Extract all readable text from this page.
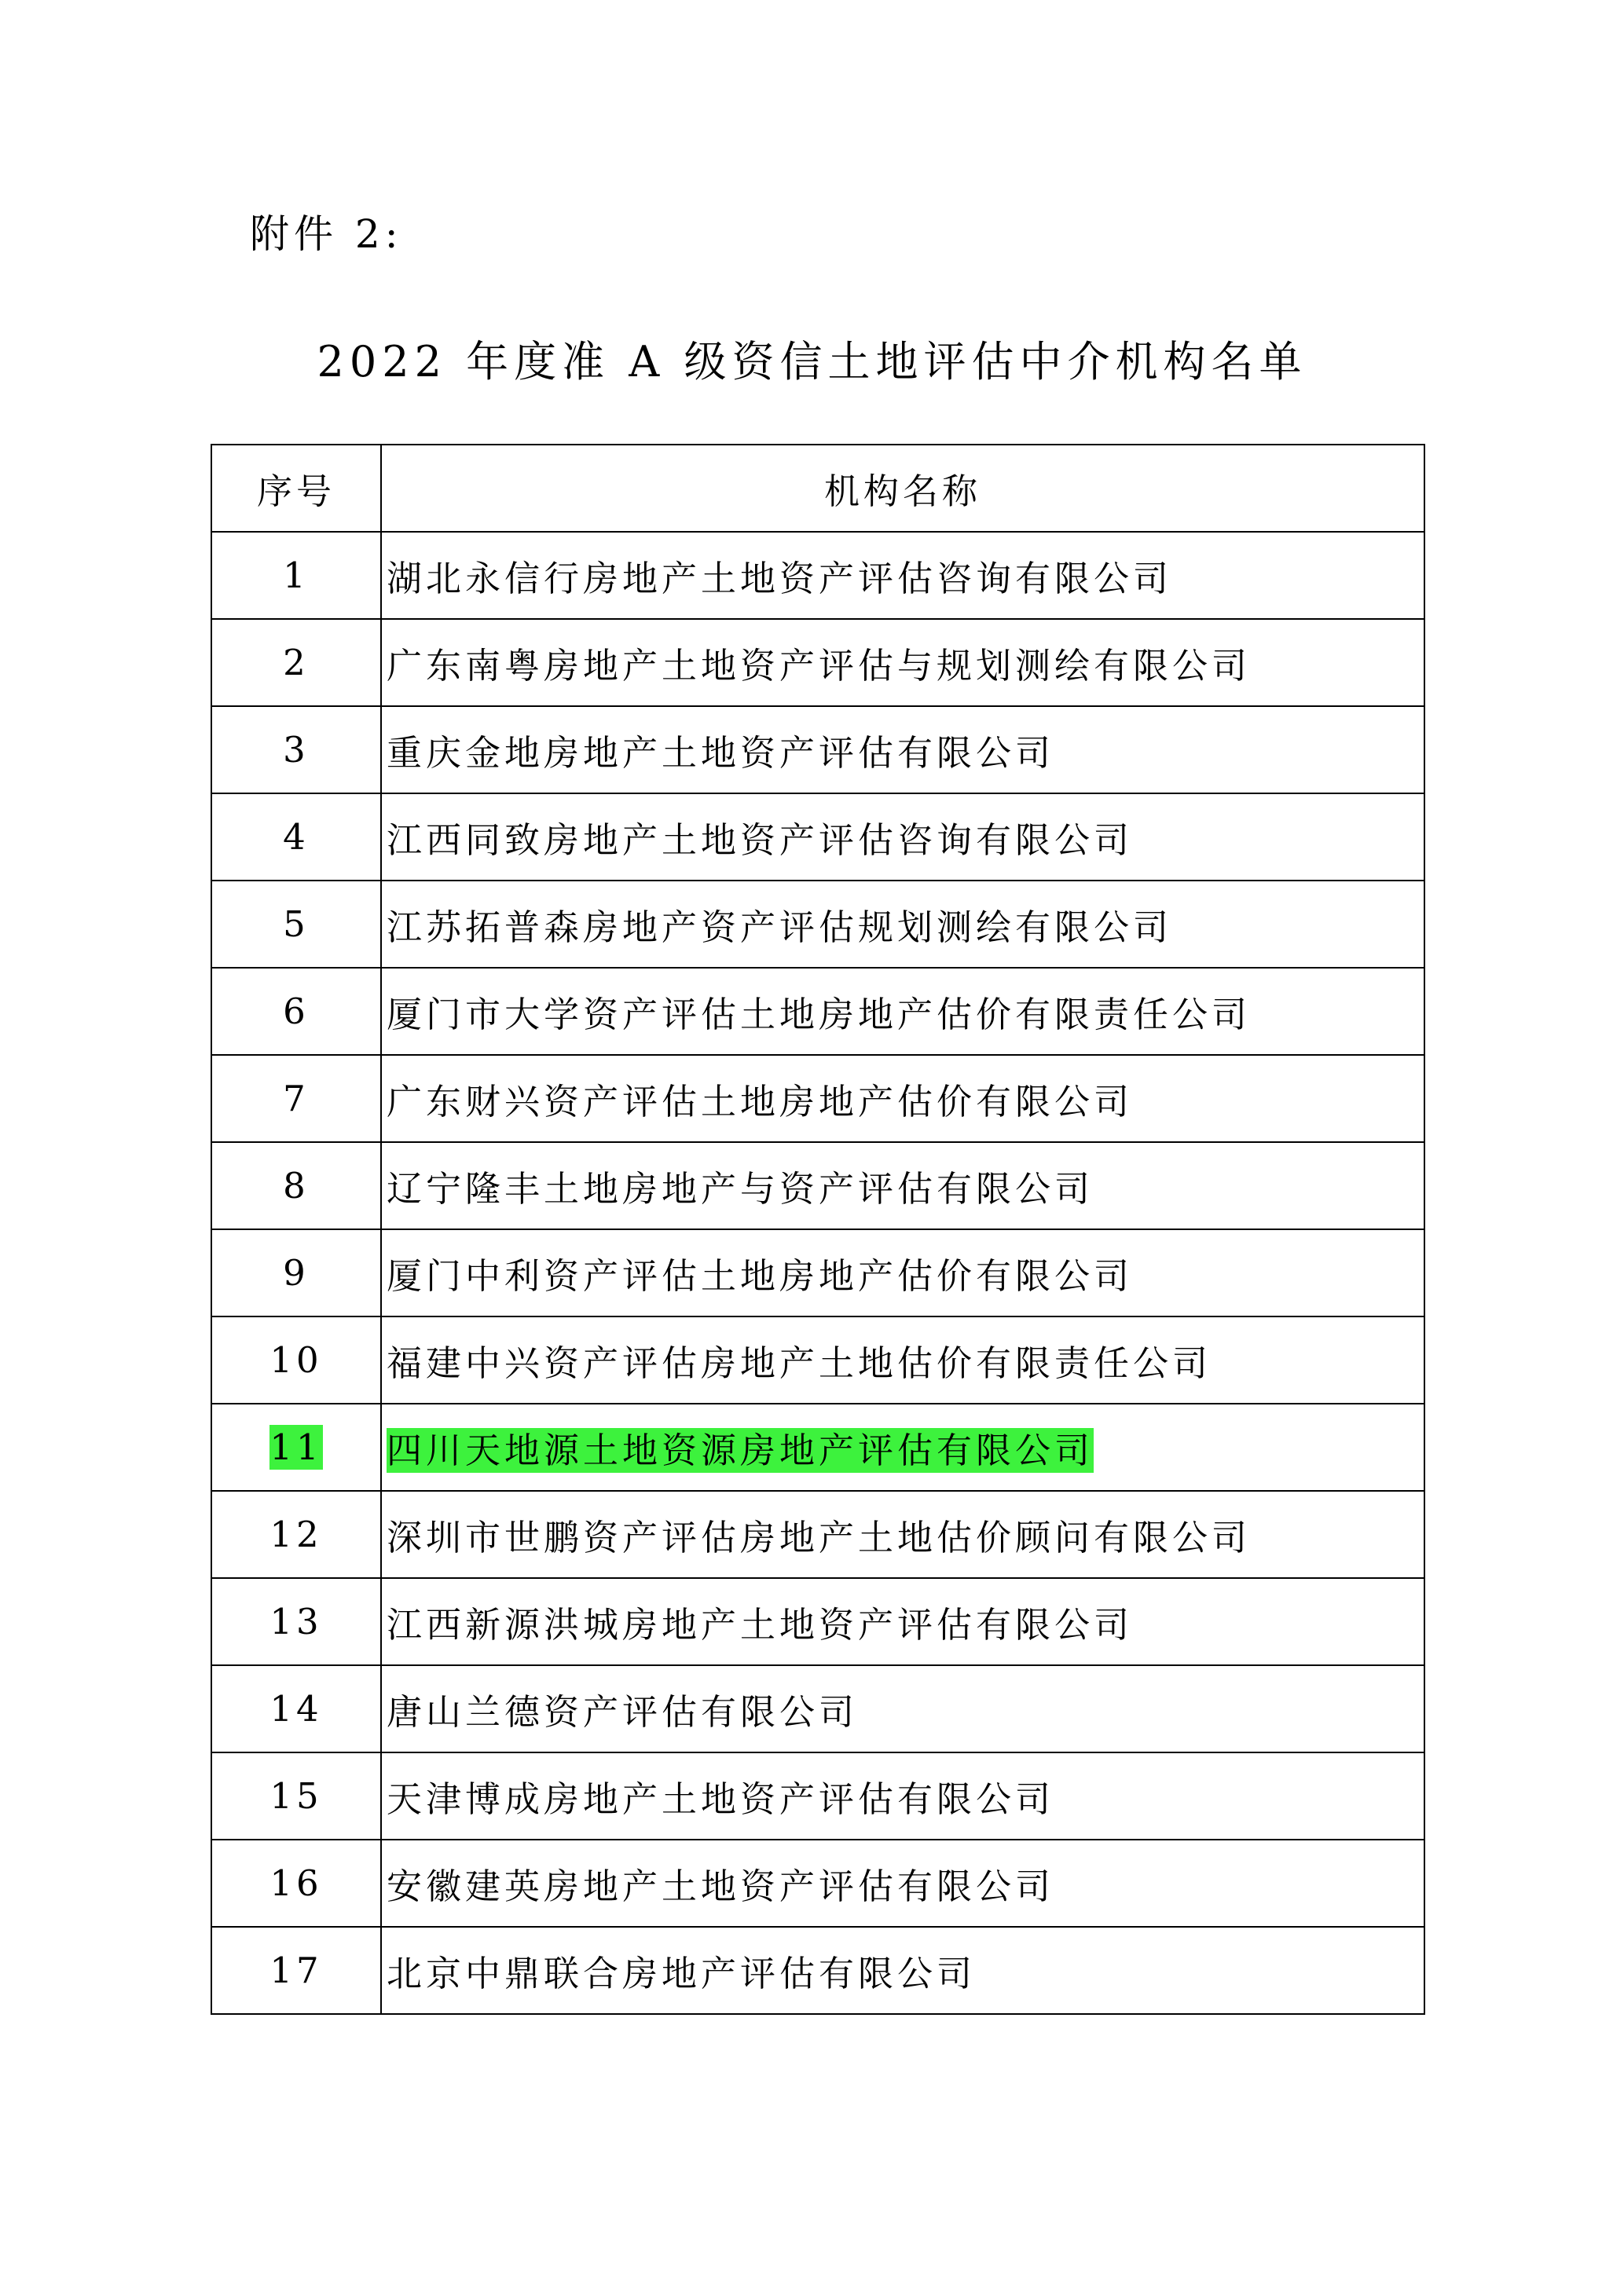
附件 2:
2022 年度准 A 级资信土地评估中介机构名单
序号	机构名称
1	湖北永信行房地产土地资产评估咨询有限公司
2	广东南粤房地产土地资产评估与规划测绘有限公司
3	重庆金地房地产土地资产评估有限公司
4	江西同致房地产土地资产评估咨询有限公司
5	江苏拓普森房地产资产评估规划测绘有限公司
6	厦门市大学资产评估土地房地产估价有限责任公司
7	广东财兴资产评估土地房地产估价有限公司
8	辽宁隆丰土地房地产与资产评估有限公司
9	厦门中利资产评估土地房地产估价有限公司
10	福建中兴资产评估房地产土地估价有限责任公司
11	四川天地源土地资源房地产评估有限公司
12	深圳市世鹏资产评估房地产土地估价顾问有限公司
13	江西新源洪城房地产土地资产评估有限公司
14	唐山兰德资产评估有限公司
15	天津博成房地产土地资产评估有限公司
16	安徽建英房地产土地资产评估有限公司
17	北京中鼎联合房地产评估有限公司
